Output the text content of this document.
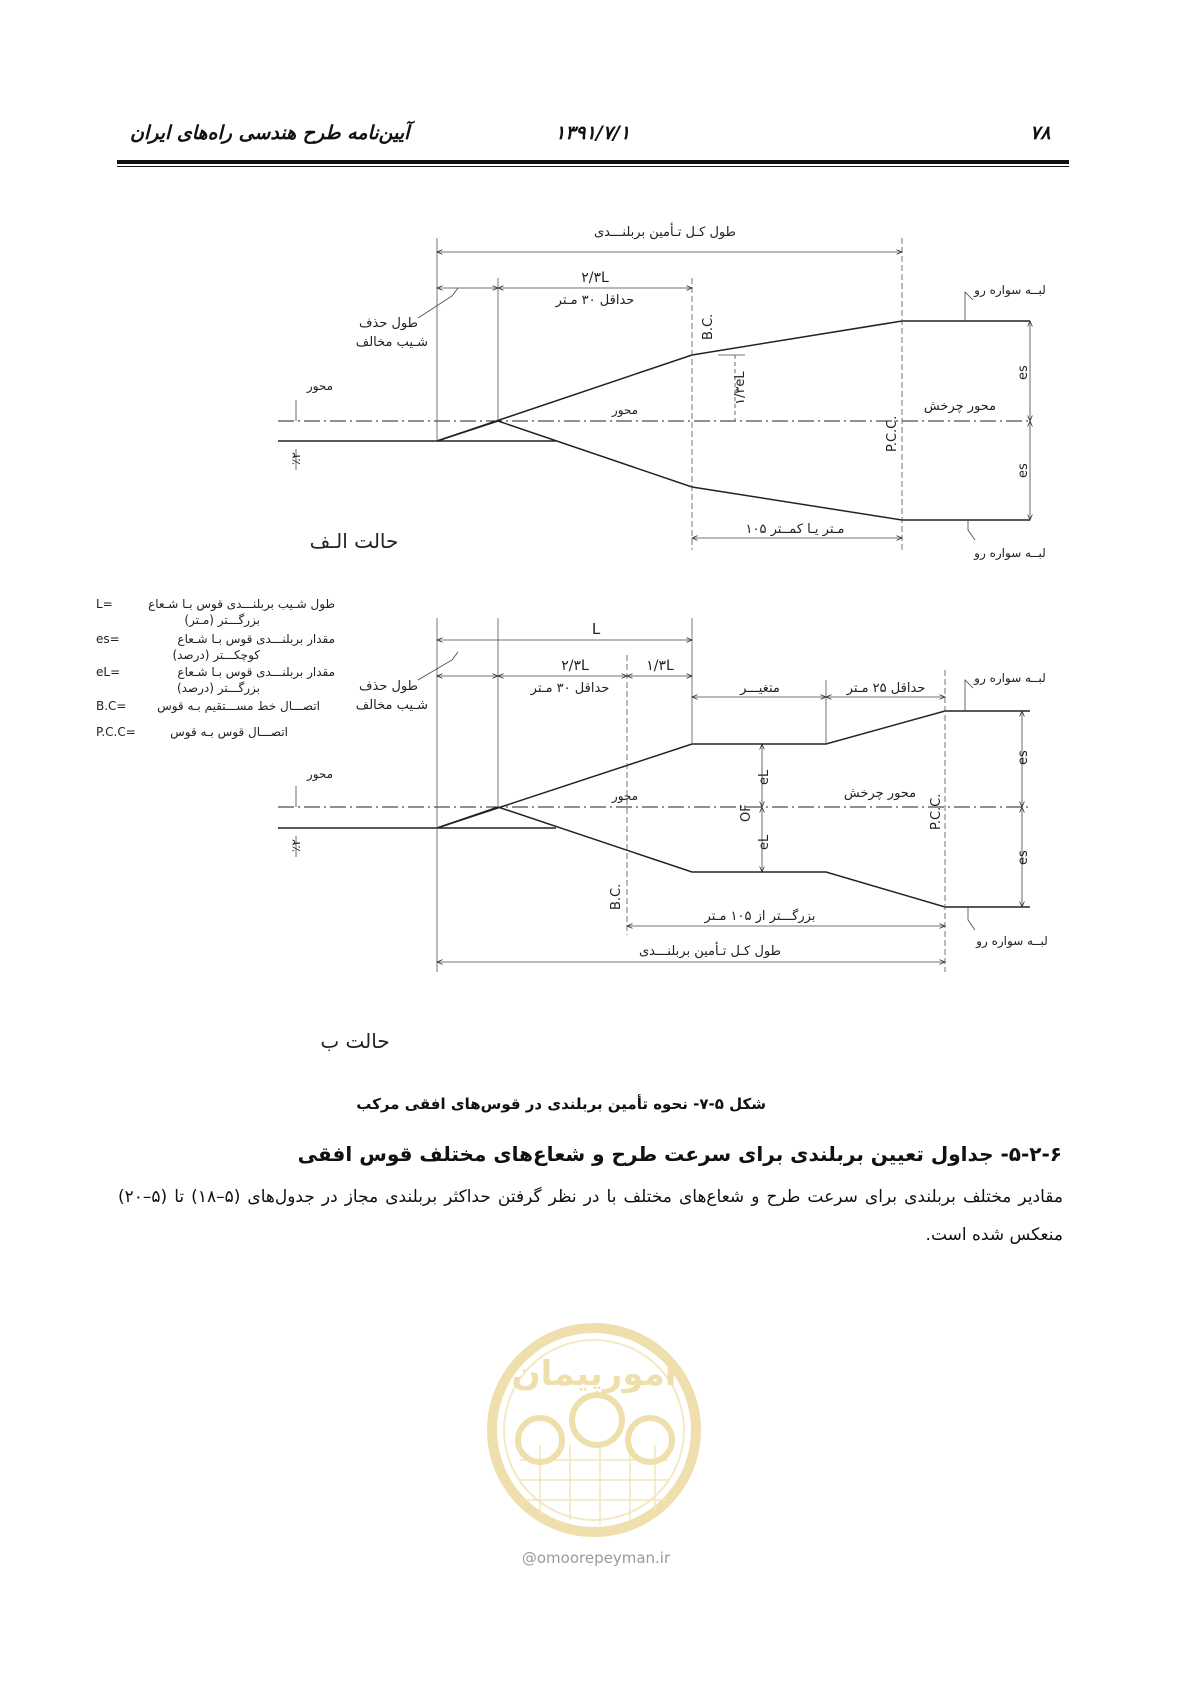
۷۸
۱۳۹۱/۷/۱
آیین‌نامه طرح هندسی راه‌های ایران
طول کـل تـأمین بربلنـــدی
۲/۳L
حداقل ۳۰ مـتر
طول حذف
شـیب مخالف
محور
محور	محور چرخش
B.C.
P.C.C.
۱/۳eL	es
es
لبــه سواره رو
لبــه سواره رو
۱۰۵ مـتر یـا کمــتر
٪۲
حالت الـف
L=	طول شـیب بربلنـــدی قوس بـا شـعاع
بزرگـــتر (مـتر)
es=	مقدار بربلنـــدی قوس بـا شـعاع
کوچکـــتر (درصد)
eL=	مقدار بربلنـــدی قوس بـا شـعاع
بزرگـــتر (درصد)
B.C=	اتصـــال خط مســـتقیم بـه قوس
P.C.C=	اتصـــال قوس بـه قوس
L
۲/۳L	۱/۳L
حداقل ۳۰ مـتر	متغیـــر	حداقل ۲۵ مـتر
طول حذف
شـیب مخالف
محور
محور	محور چرخش
B.C.
P.C.C.
eL
OF
eL
es
es
لبــه سواره رو
لبــه سواره رو
بزرگـــتر از ۱۰۵ مـتر
طول کـل تـأمین بربلنـــدی
٪۲
حالت ب
امورپیمان
@omoorepeyman.ir
شکل ۵-۷- نحوه تأمین بربلندی در قوس‌های افقی مرکب
۵-۲-۶- جداول تعیین بربلندی برای سرعت طرح و شعاع‌های مختلف قوس افقی
مقادیر مختلف بربلندی برای سرعت طرح و شعاع‌های مختلف با در نظر گرفتن حداکثر بربلندی مجاز در جدول‌های (۵–۱۸) تا (۵–۲۰) منعکس شده است.
